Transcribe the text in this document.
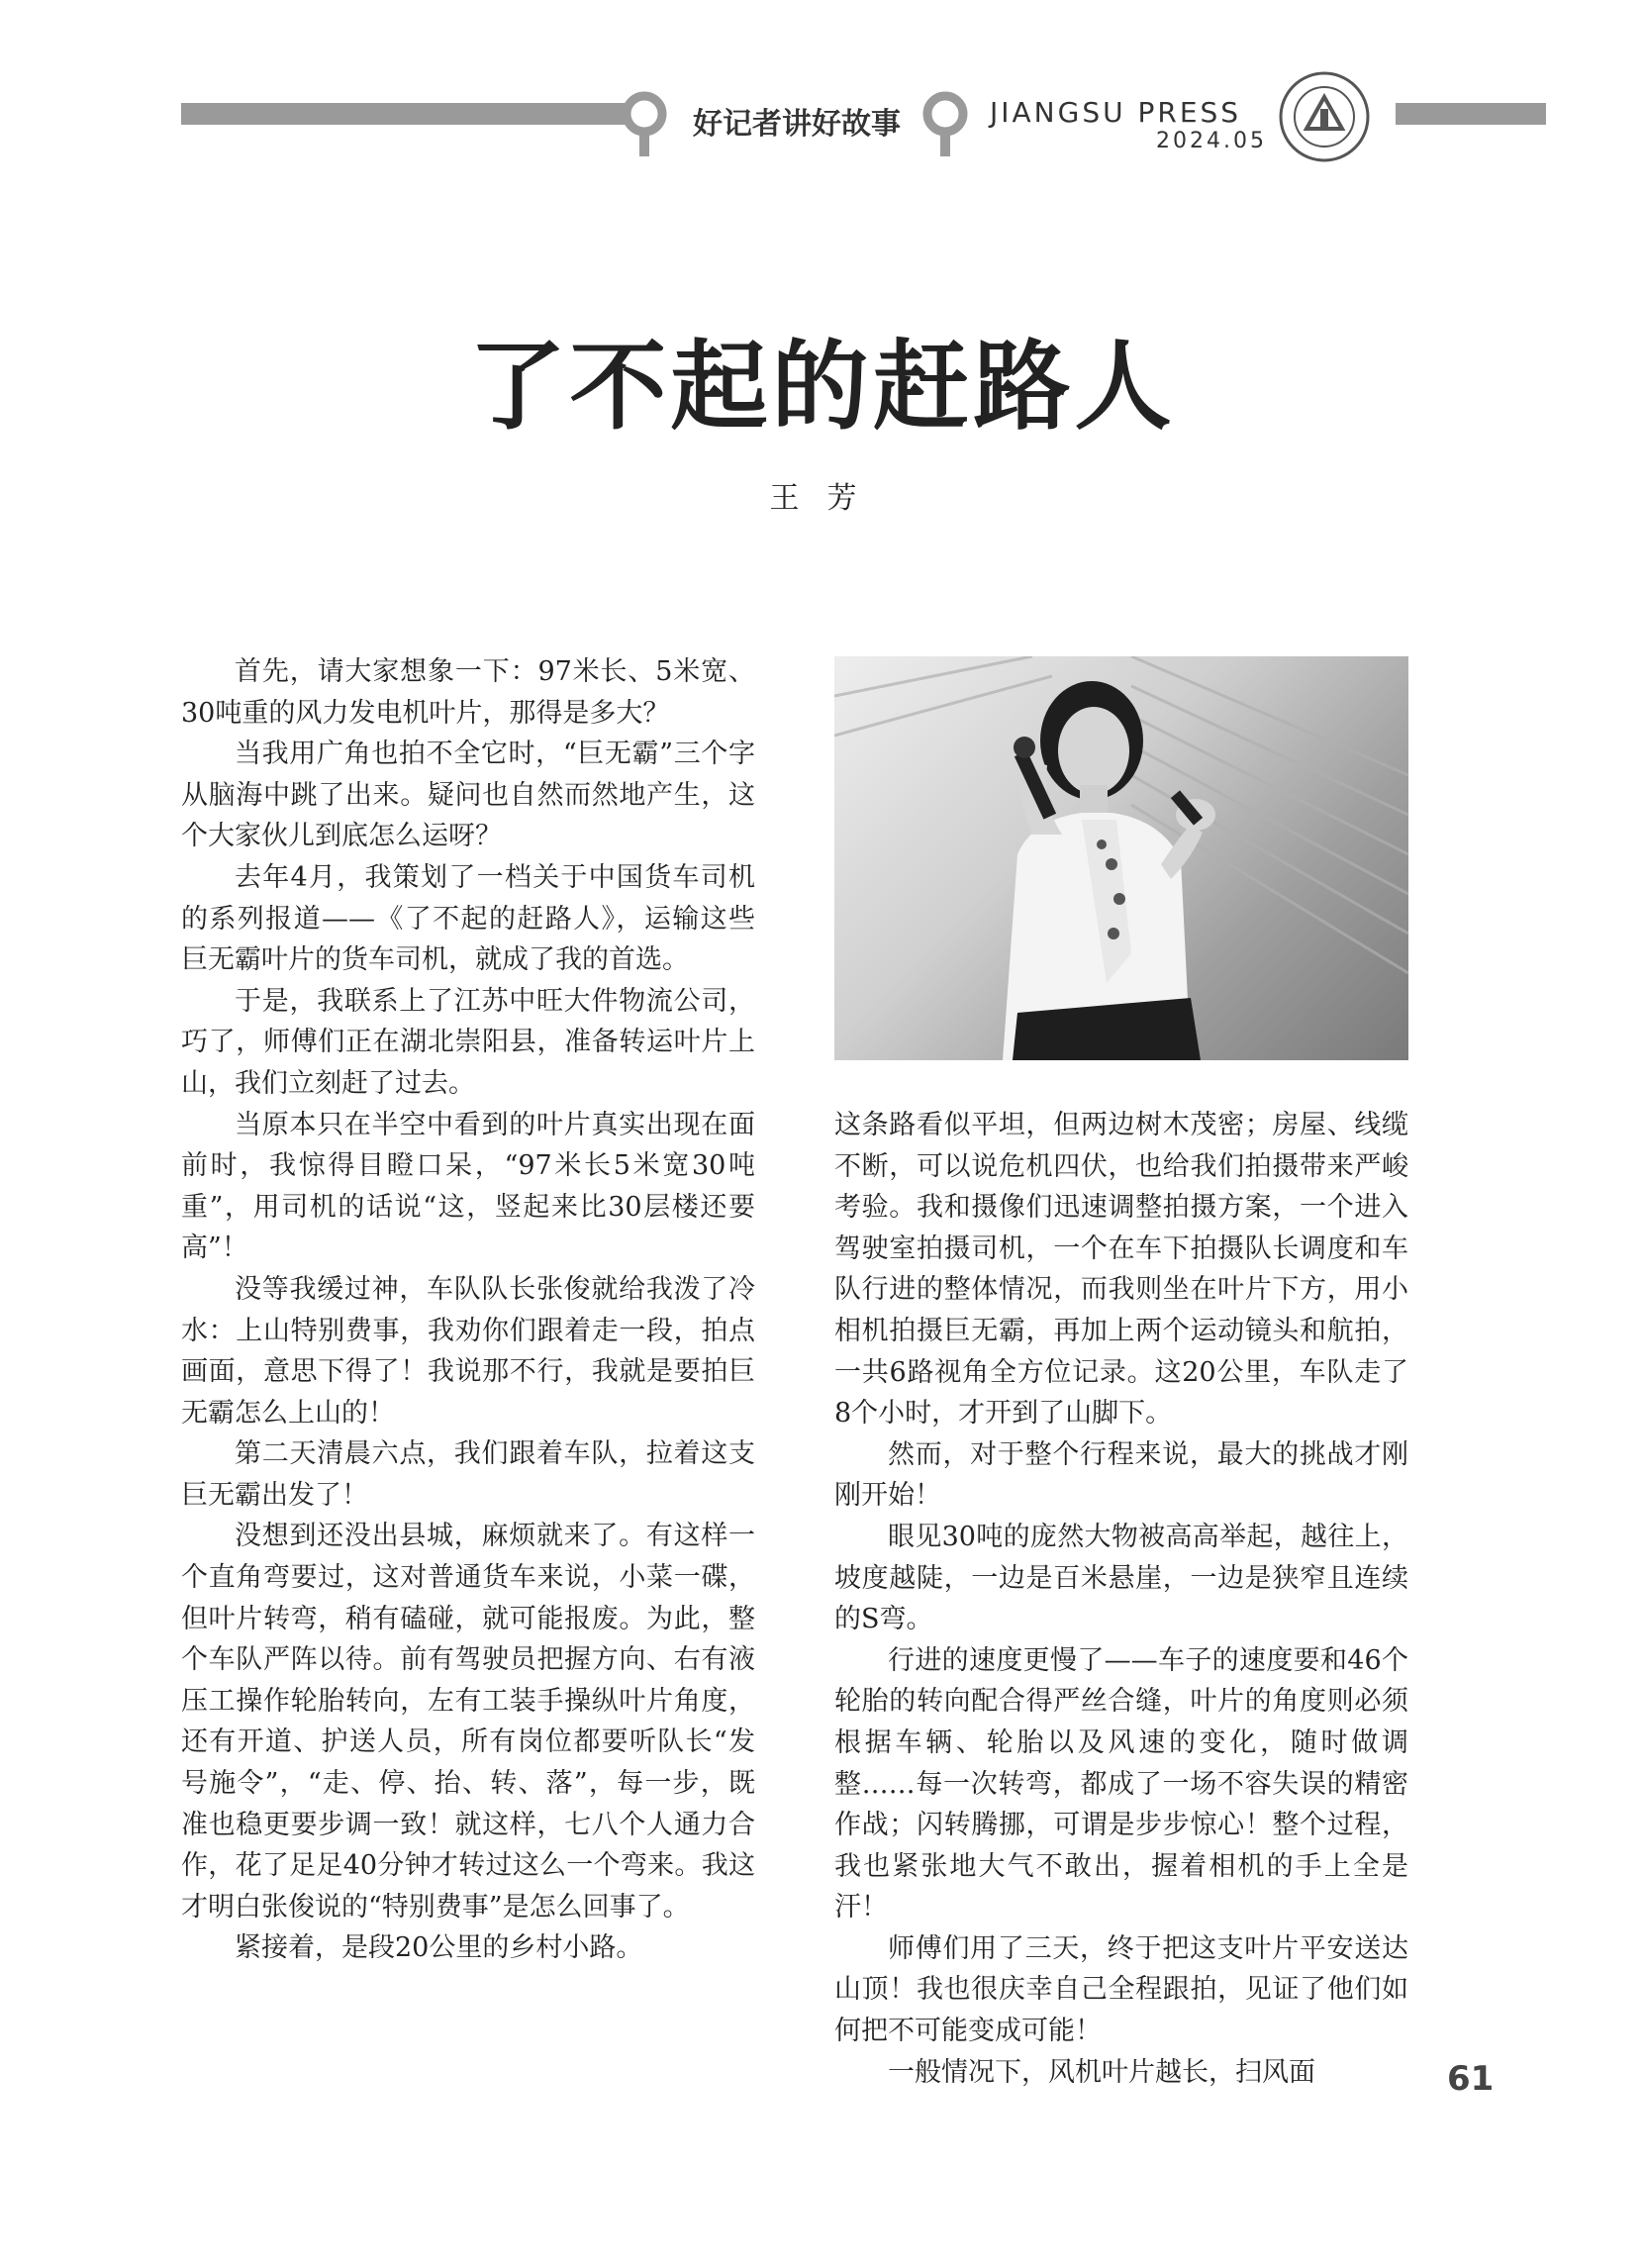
好记者讲好故事	JIANGSU PRESS
2024.05
了不起的赶路人
王芳

首先，请大家想象一下：97米长、5米宽、30吨重的风力发电机叶片，那得是多大？

当我用广角也拍不全它时，“巨无霸”三个字从脑海中跳了出来。疑问也自然而然地产生，这个大家伙儿到底怎么运呀？

去年4月，我策划了一档关于中国货车司机的系列报道——《了不起的赶路人》，运输这些巨无霸叶片的货车司机，就成了我的首选。

于是，我联系上了江苏中旺大件物流公司，巧了，师傅们正在湖北崇阳县，准备转运叶片上山，我们立刻赶了过去。

当原本只在半空中看到的叶片真实出现在面前时，我惊得目瞪口呆，“97米长5米宽30吨重”，用司机的话说“这，竖起来比30层楼还要高”！

没等我缓过神，车队队长张俊就给我泼了冷水：上山特别费事，我劝你们跟着走一段，拍点画面，意思下得了！我说那不行，我就是要拍巨无霸怎么上山的！

第二天清晨六点，我们跟着车队，拉着这支巨无霸出发了！

没想到还没出县城，麻烦就来了。有这样一个直角弯要过，这对普通货车来说，小菜一碟，但叶片转弯，稍有磕碰，就可能报废。为此，整个车队严阵以待。前有驾驶员把握方向、右有液压工操作轮胎转向，左有工装手操纵叶片角度，还有开道、护送人员，所有岗位都要听队长“发号施令”，“走、停、抬、转、落”，每一步，既准也稳更要步调一致！就这样，七八个人通力合作，花了足足40分钟才转过这么一个弯来。我这才明白张俊说的“特别费事”是怎么回事了。

紧接着，是段20公里的乡村小路。

这条路看似平坦，但两边树木茂密；房屋、线缆不断，可以说危机四伏，也给我们拍摄带来严峻考验。我和摄像们迅速调整拍摄方案，一个进入驾驶室拍摄司机，一个在车下拍摄队长调度和车队行进的整体情况，而我则坐在叶片下方，用小相机拍摄巨无霸，再加上两个运动镜头和航拍，一共6路视角全方位记录。这20公里，车队走了8个小时，才开到了山脚下。

然而，对于整个行程来说，最大的挑战才刚刚开始！

眼见30吨的庞然大物被高高举起，越往上，坡度越陡，一边是百米悬崖，一边是狭窄且连续的S弯。

行进的速度更慢了——车子的速度要和46个轮胎的转向配合得严丝合缝，叶片的角度则必须根据车辆、轮胎以及风速的变化，随时做调整……每一次转弯，都成了一场不容失误的精密作战；闪转腾挪，可谓是步步惊心！整个过程，我也紧张地大气不敢出，握着相机的手上全是汗！

师傅们用了三天，终于把这支叶片平安送达山顶！我也很庆幸自己全程跟拍，见证了他们如何把不可能变成可能！

一般情况下，风机叶片越长，扫风面	61
